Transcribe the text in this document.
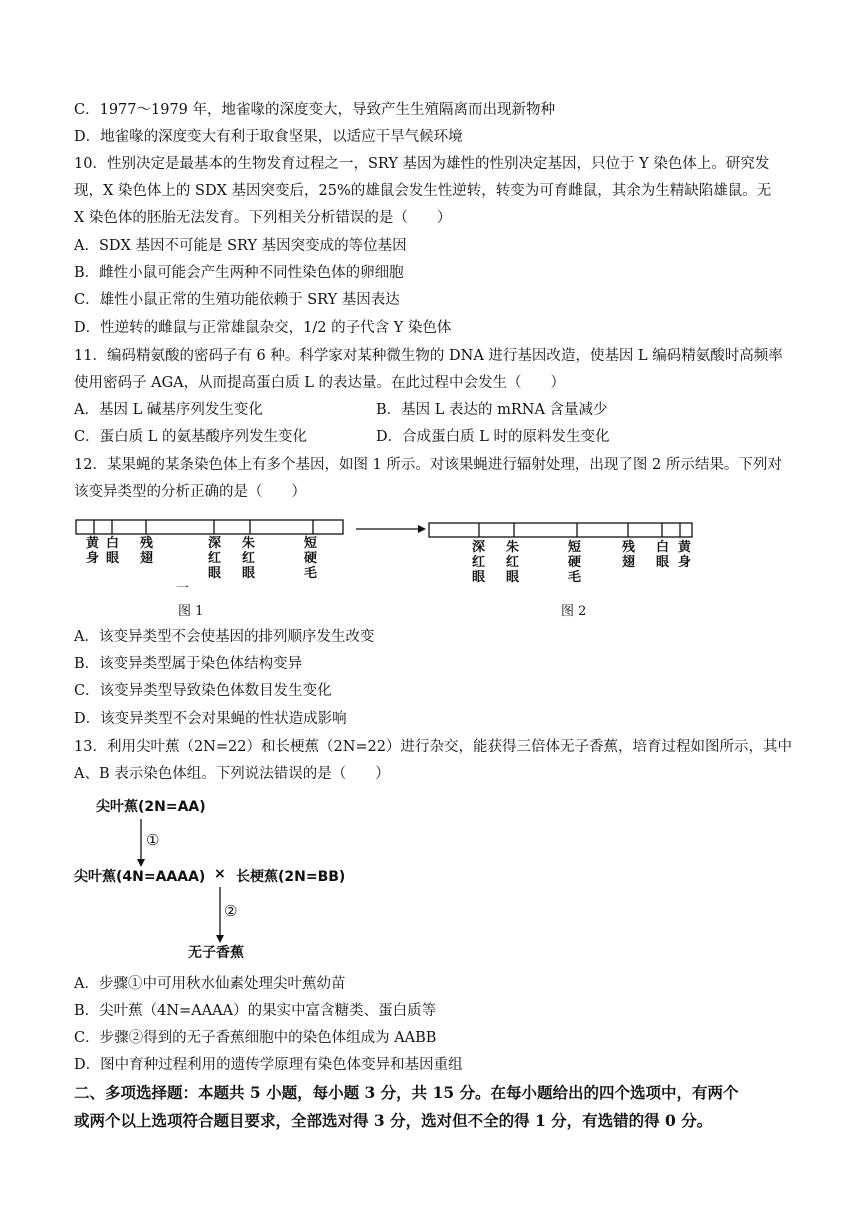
C．1977～1979 年，地雀喙的深度变大，导致产生生殖隔离而出现新物种
D．地雀喙的深度变大有利于取食坚果，以适应干旱气候环境
10．性别决定是最基本的生物发育过程之一，SRY 基因为雄性的性别决定基因，只位于 Y 染色体上。研究发
现，X 染色体上的 SDX 基因突变后，25%的雄鼠会发生性逆转，转变为可育雌鼠，其余为生精缺陷雄鼠。无
X 染色体的胚胎无法发育。下列相关分析错误的是（　　）
A．SDX 基因不可能是 SRY 基因突变成的等位基因
B．雌性小鼠可能会产生两种不同性染色体的卵细胞
C．雄性小鼠正常的生殖功能依赖于 SRY 基因表达
D．性逆转的雌鼠与正常雄鼠杂交，1/2 的子代含 Y 染色体
11．编码精氨酸的密码子有 6 种。科学家对某种微生物的 DNA 进行基因改造，使基因 L 编码精氨酸时高频率
使用密码子 AGA，从而提高蛋白质 L 的表达量。在此过程中会发生（　　）
A．基因 L 碱基序列发生变化	B．基因 L 表达的 mRNA 含量减少
C．蛋白质 L 的氨基酸序列发生变化	D．合成蛋白质 L 时的原料发生变化
12．某果蝇的某条染色体上有多个基因，如图 1 所示。对该果蝇进行辐射处理，出现了图 2 所示结果。下列对
该变异类型的分析正确的是（　　）
一
黄身
白眼
残翅
深红眼
朱红眼
短硬毛
深红眼
朱红眼
短硬毛
残翅
白眼
黄身
图 1	图 2
A．该变异类型不会使基因的排列顺序发生改变
B．该变异类型属于染色体结构变异
C．该变异类型导致染色体数目发生变化
D．该变异类型不会对果蝇的性状造成影响
13．利用尖叶蕉（2N=22）和长梗蕉（2N=22）进行杂交，能获得三倍体无子香蕉，培育过程如图所示，其中
A、B 表示染色体组。下列说法错误的是（　　）
尖叶蕉(2N=AA)
①
尖叶蕉(4N=AAAA) × 长梗蕉(2N=BB)
②
无子香蕉
A．步骤①中可用秋水仙素处理尖叶蕉幼苗
B．尖叶蕉（4N=AAAA）的果实中富含糖类、蛋白质等
C．步骤②得到的无子香蕉细胞中的染色体组成为 AABB
D．图中育种过程利用的遗传学原理有染色体变异和基因重组
二、多项选择题：本题共 5 小题，每小题 3 分，共 15 分。在每小题给出的四个选项中，有两个
或两个以上选项符合题目要求，全部选对得 3 分，选对但不全的得 1 分，有选错的得 0 分。
